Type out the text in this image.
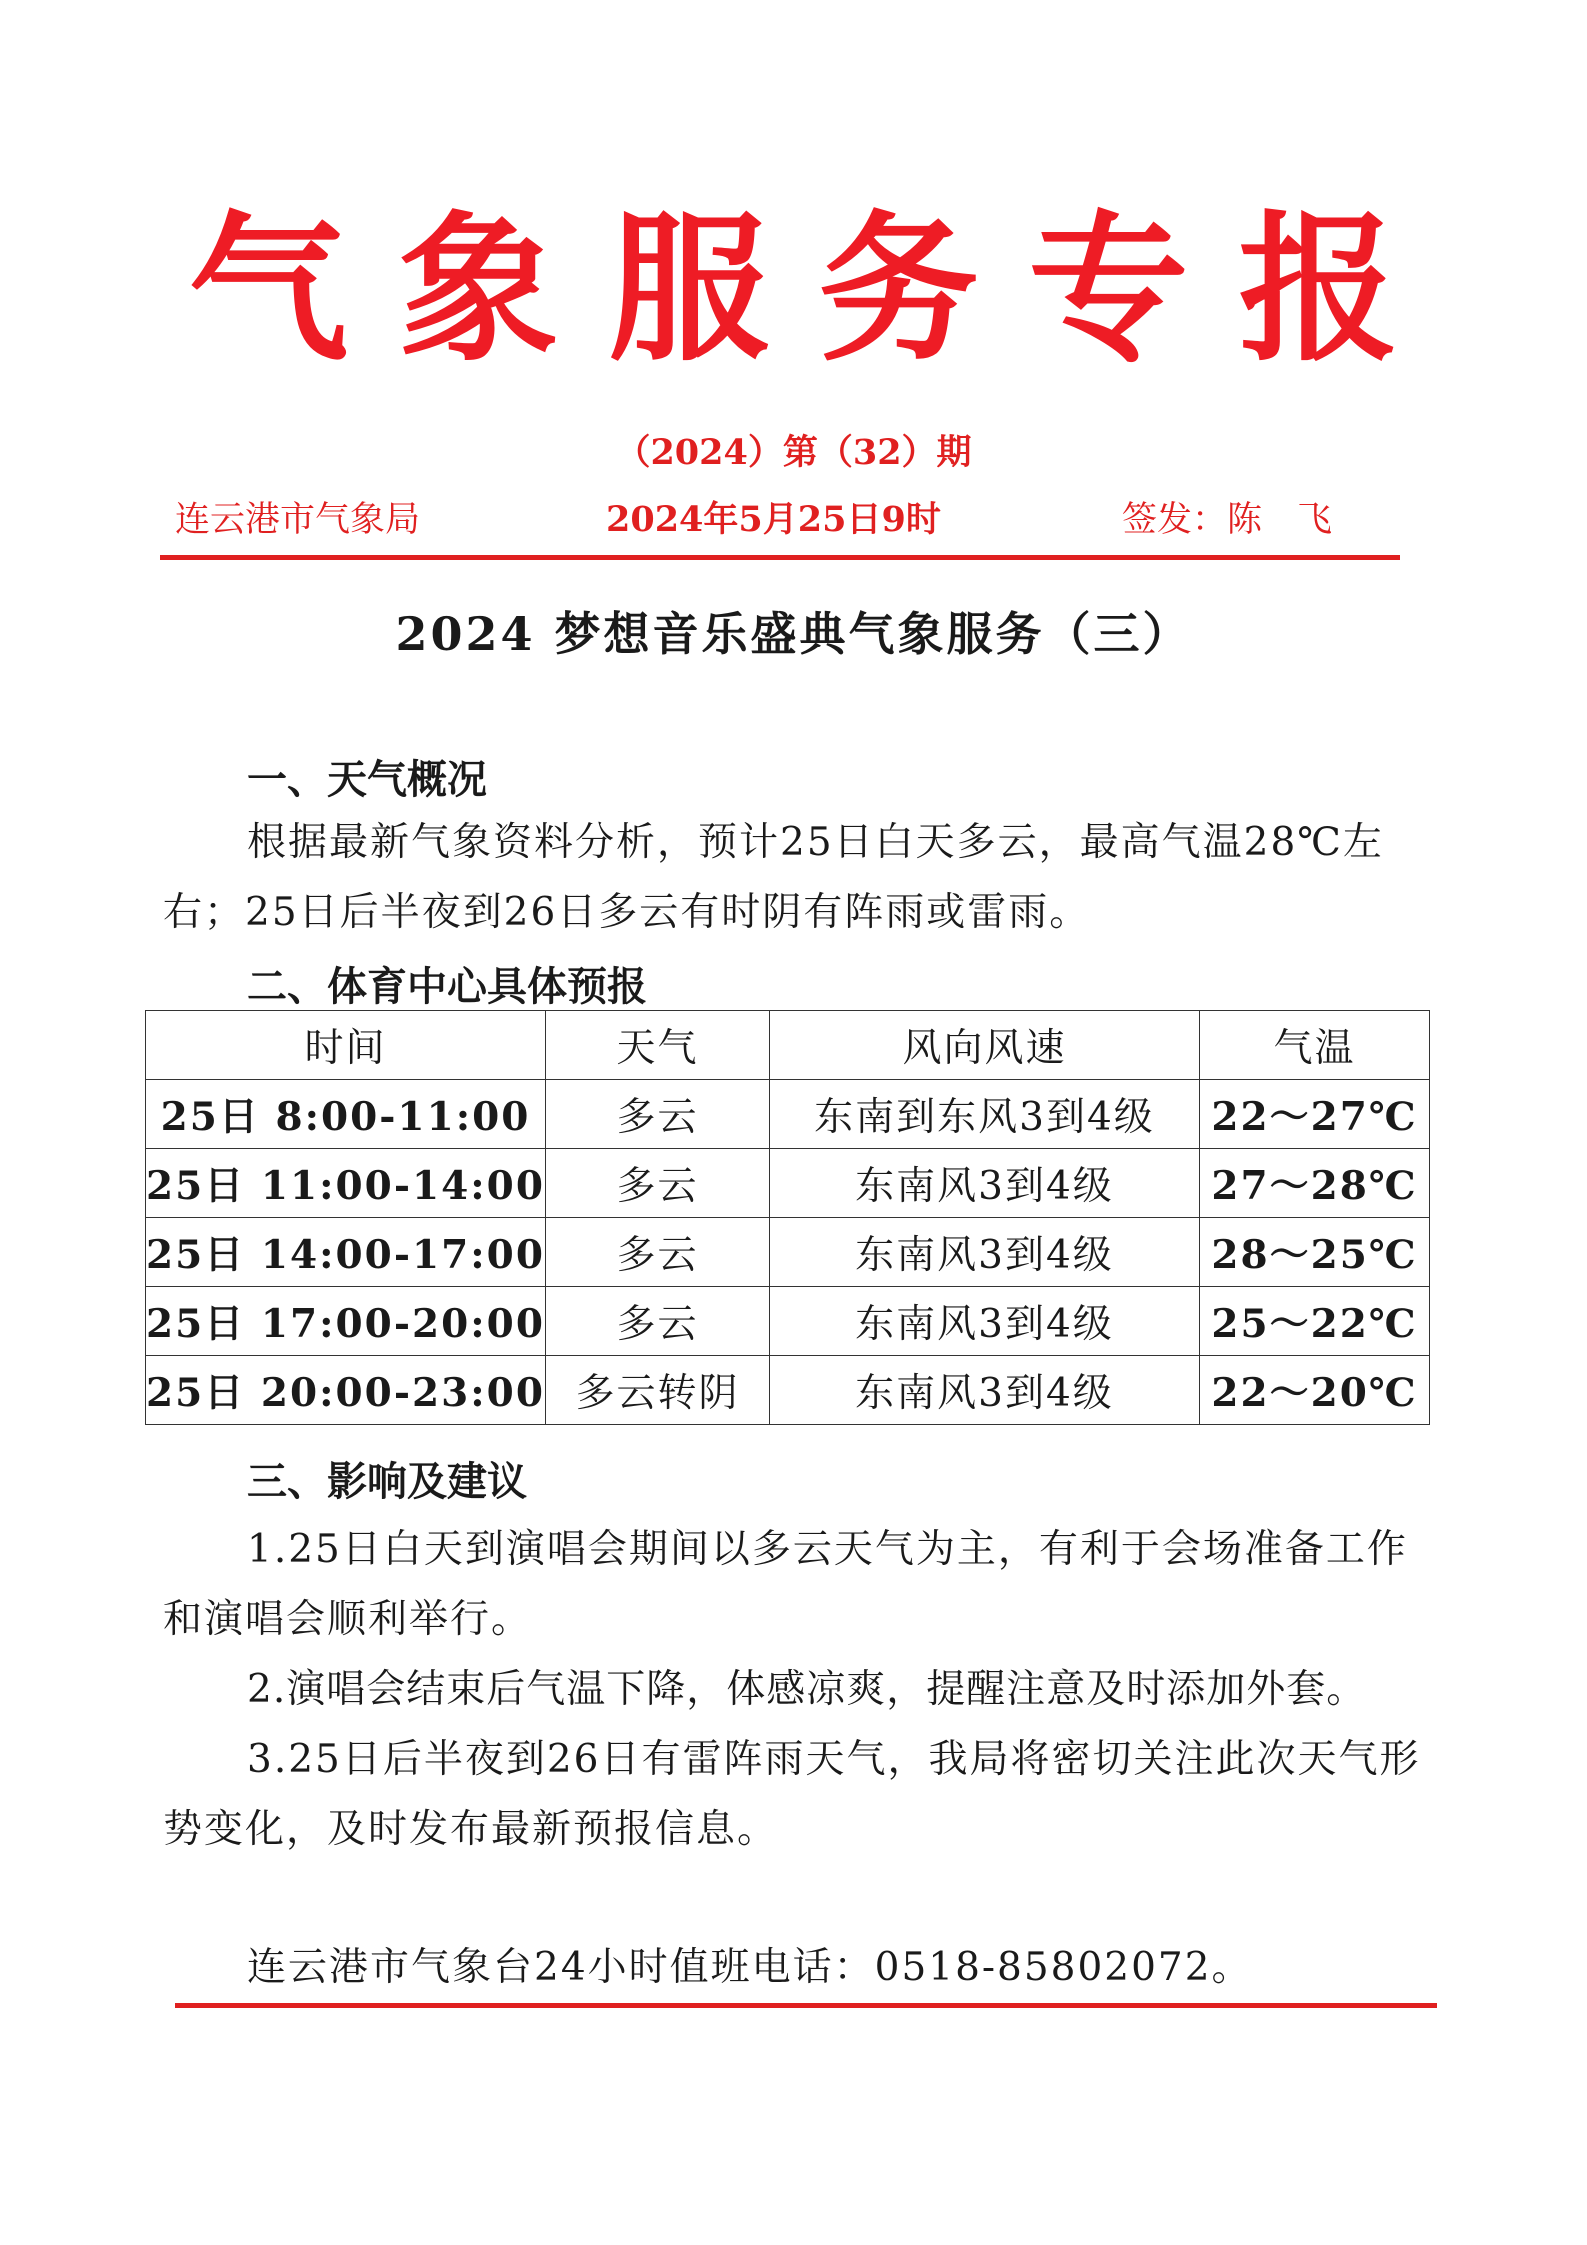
气象服务专报
（2024）第（32）期
连云港市气象局	2024年5月25日9时	签发：陈　飞
2024 梦想音乐盛典气象服务（三）
一、天气概况
根据最新气象资料分析，预计25日白天多云，最高气温28℃左右；25日后半夜到26日多云有时阴有阵雨或雷雨。
二、体育中心具体预报
时间	天气	风向风速	气温
25日 8:00-11:00	多云	东南到东风3到4级	22～27℃
25日 11:00-14:00	多云	东南风3到4级	27～28℃
25日 14:00-17:00	多云	东南风3到4级	28～25℃
25日 17:00-20:00	多云	东南风3到4级	25～22℃
25日 20:00-23:00	多云转阴	东南风3到4级	22～20℃
三、影响及建议
1.25日白天到演唱会期间以多云天气为主，有利于会场准备工作和演唱会顺利举行。
2.演唱会结束后气温下降，体感凉爽，提醒注意及时添加外套。
3.25日后半夜到26日有雷阵雨天气，我局将密切关注此次天气形势变化，及时发布最新预报信息。
连云港市气象台24小时值班电话：0518-85802072。
